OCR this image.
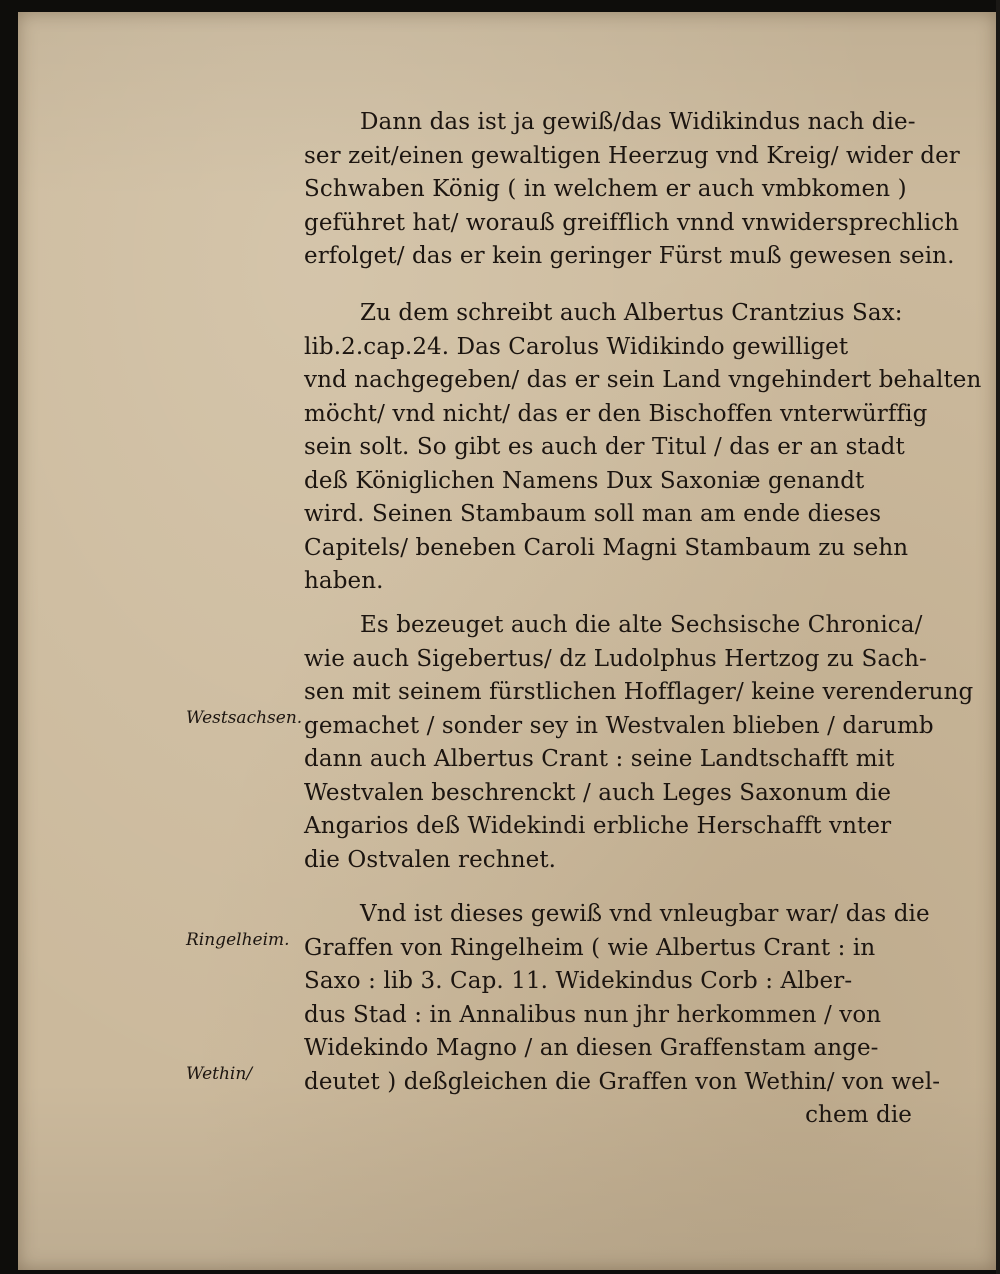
Dann das ist ja gewiß/das Widikindus nach die-
ser zeit/einen gewaltigen Heerzug vnd Kreig/ wider der
Schwaben König ( in welchem er auch vmbkomen )
geführet hat/ worauß greifflich vnnd vnwidersprechlich
erfolget/ das er kein geringer Fürst muß gewesen sein.
Zu dem schreibt auch Albertus Crantzius Sax:
lib.2.cap.24. Das Carolus Widikindo gewilliget
vnd nachgegeben/ das er sein Land vngehindert behalten
möcht/ vnd nicht/ das er den Bischoffen vnterwürffig
sein solt. So gibt es auch der Titul / das er an stadt
deß Königlichen Namens Dux Saxoniæ genandt
wird. Seinen Stambaum soll man am ende dieses
Capitels/ beneben Caroli Magni Stambaum zu sehn
haben.
Es bezeuget auch die alte Sechsische Chronica/
wie auch Sigebertus/ dz Ludolphus Hertzog zu Sach-
sen mit seinem fürstlichen Hofflager/ keine verenderung
gemachet / sonder sey in Westvalen blieben / darumb
dann auch Albertus Crant : seine Landtschafft mit
Westvalen beschrenckt / auch Leges Saxonum die
Angarios deß Widekindi erbliche Herschafft vnter
die Ostvalen rechnet.
Vnd ist dieses gewiß vnd vnleugbar war/ das die
Graffen von Ringelheim ( wie Albertus Crant : in
Saxo : lib 3. Cap. 11. Widekindus Corb : Alber-
dus Stad : in Annalibus nun jhr herkommen / von
Widekindo Magno / an diesen Graffenstam ange-
deutet ) deßgleichen die Graffen von Wethin/ von wel-
chem die
Westsachsen.
Ringelheim.
Wethin/
